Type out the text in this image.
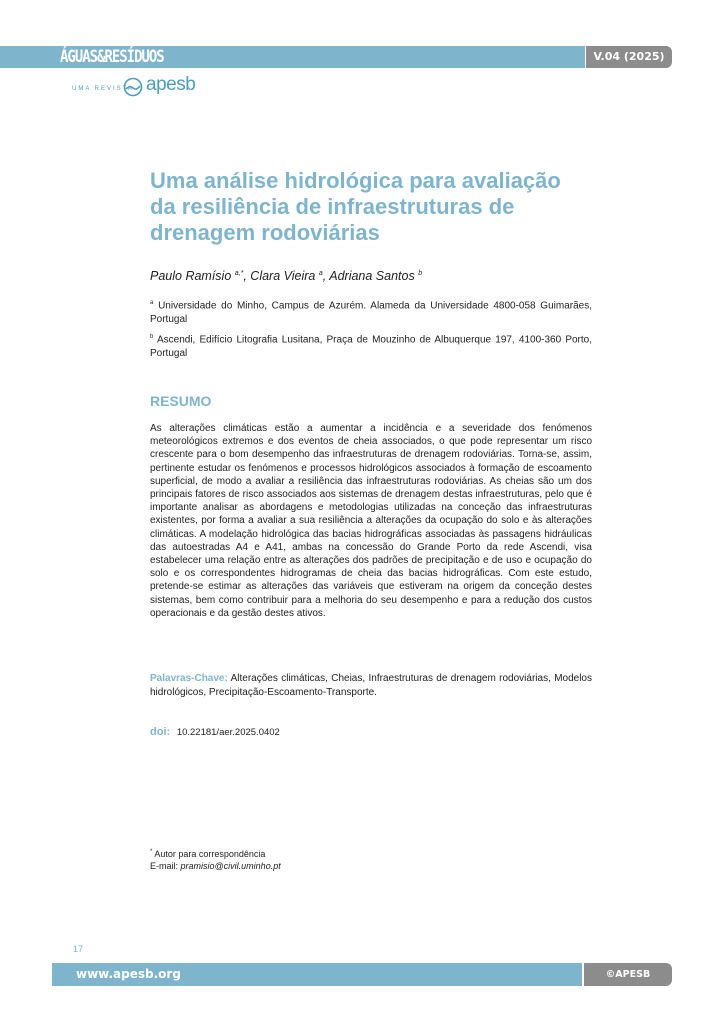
ÁGUAS&RESÍDUOS	V.04 (2025)
UMA REVISTA apesb
Uma análise hidrológica para avaliação da resiliência de infraestruturas de drenagem rodoviárias
Paulo Ramísio $^{a,*}$, Clara Vieira $^a$, Adriana Santos $^b$

$^a$ Universidade do Minho, Campus de Azurém. Alameda da Universidade 4800-058 Guimarães, Portugal

$^b$ Ascendi, Edifício Litografia Lusitana, Praça de Mouzinho de Albuquerque 197, 4100-360 Porto, Portugal

RESUMO

As alterações climáticas estão a aumentar a incidência e a severidade dos fenómenos meteorológicos extremos e dos eventos de cheia associados, o que pode representar um risco crescente para o bom desempenho das infraestruturas de drenagem rodoviárias. Torna-se, assim, pertinente estudar os fenómenos e processos hidrológicos associados à formação de escoamento superficial, de modo a avaliar a resiliência das infraestruturas rodoviárias. As cheias são um dos principais fatores de risco associados aos sistemas de drenagem destas infraestruturas, pelo que é importante analisar as abordagens e metodologias utilizadas na conceção das infraestruturas existentes, por forma a avaliar a sua resiliência a alterações da ocupação do solo e às alterações climáticas. A modelação hidrológica das bacias hidrográficas associadas às passagens hidráulicas das autoestradas A4 e A41, ambas na concessão do Grande Porto da rede Ascendi, visa estabelecer uma relação entre as alterações dos padrões de precipitação e de uso e ocupação do solo e os correspondentes hidrogramas de cheia das bacias hidrográficas. Com este estudo, pretende-se estimar as alterações das variáveis que estiveram na origem da conceção destes sistemas, bem como contribuir para a melhoria do seu desempenho e para a redução dos custos operacionais e da gestão destes ativos.

Palavras-Chave: Alterações climáticas, Cheias, Infraestruturas de drenagem rodoviárias, Modelos hidrológicos, Precipitação-Escoamento-Transporte.

doi: 10.22181/aer.2025.0402
* Autor para correspondência
E-mail: pramisio@civil.uminho.pt
17
www.apesb.org	©APESB
